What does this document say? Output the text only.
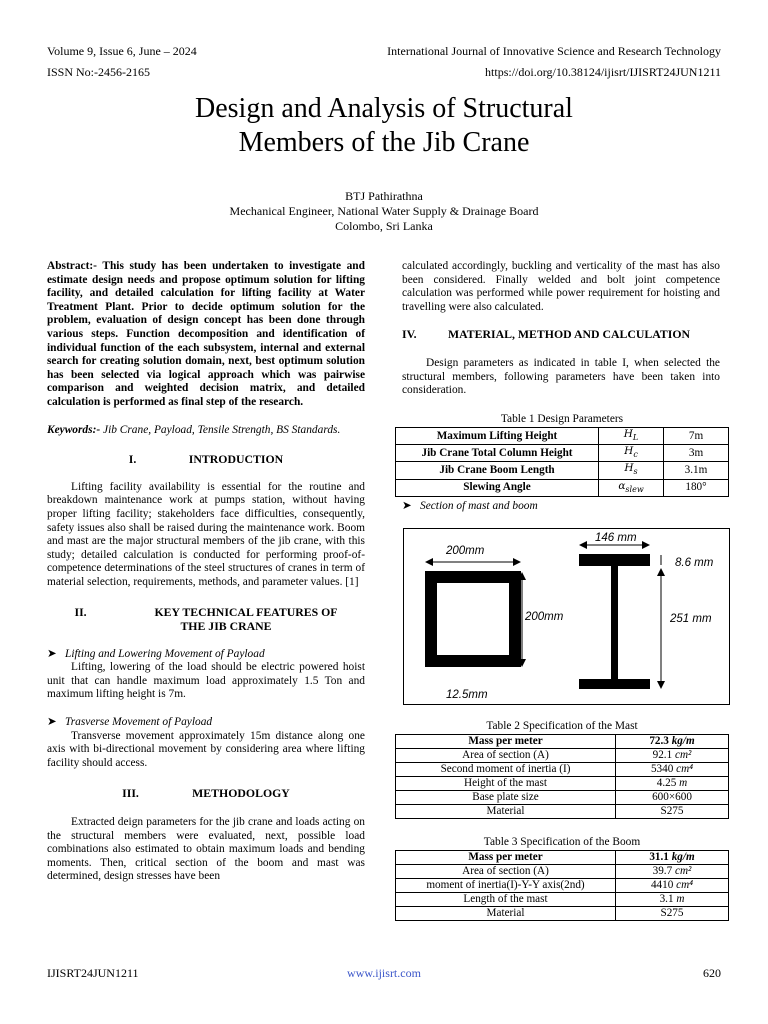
Volume 9, Issue 6, June – 2024	International Journal of Innovative Science and Research Technology
ISSN No:-2456-2165	https://doi.org/10.38124/ijisrt/IJISRT24JUN1211
Design and Analysis of Structural
Members of the Jib Crane
BTJ Pathirathna
Mechanical Engineer, National Water Supply & Drainage Board
Colombo, Sri Lanka

Abstract:- This study has been undertaken to investigate and estimate design needs and propose optimum solution for lifting facility, and detailed calculation for lifting facility at Water Treatment Plant. Prior to decide optimum solution for the problem, evaluation of design concept has been done through various steps. Function decomposition and identification of individual function of the each subsystem, internal and external search for creating solution domain, next, best optimum solution has been selected via logical approach which was pairwise comparison and weighted decision matrix, and detailed calculation is performed as final step of the research.

Keywords:- Jib Crane, Payload, Tensile Strength, BS Standards.

I.	INTRODUCTION

Lifting facility availability is essential for the routine and breakdown maintenance work at pumps station, without having proper lifting facility; stakeholders face difficulties, consequently, safety issues also shall be raised during the maintenance work. Boom and mast are the major structural members of the jib crane, with this study; detailed calculation is conducted for performing proof-of-competence determinations of the steel structures of cranes in term of material selection, requirements, methods, and parameter values. [1]

II.	KEY TECHNICAL FEATURES OF
THE JIB CRANE
➤ Lifting and Lowering Movement of Payload

Lifting, lowering of the load should be electric powered hoist unit that can handle maximum load approximately 1.5 Ton and maximum lifting height is 7m.

➤ Trasverse Movement of Payload

Transverse movement approximately 15m distance along one axis with bi-directional movement by considering area where lifting facility should access.

III.	METHODOLOGY

Extracted deign parameters for the jib crane and loads acting on the structural members were evaluated, next, possible load combinations also estimated to obtain maximum loads and bending moments. Then, critical section of the boom and mast was determined, design stresses have been

calculated accordingly, buckling and verticality of the mast has also been considered. Finally welded and bolt joint competence calculation was performed while power requirement for hoisting and travelling were also calculated.

IV.	MATERIAL, METHOD AND CALCULATION

Design parameters as indicated in table I, when selected the structural members, following parameters have been taken into consideration.

Table 1 Design Parameters
Maximum Lifting Height	$H_L$	7m
Jib Crane Total Column Height	$H_c$	3m
Jib Crane Boom Length	$H_s$	3.1m
Slewing Angle	$\alpha_{slew}$	180°
➤ Section of mast and boom
200mm
200mm
12.5mm
146 mm
8.6 mm
251 mm
Table 2 Specification of the Mast
Mass per meter	72.3 kg/m
Area of section (A)	92.1 cm²
Second moment of inertia (I)	5340 cm⁴
Height of the mast	4.25 m
Base plate size	600×600
Material	S275
Table 3 Specification of the Boom
Mass per meter	31.1 kg/m
Area of section (A)	39.7 cm²
moment of inertia(I)-Y-Y axis(2nd)	4410 cm⁴
Length of the mast	3.1 m
Material	S275
IJISRT24JUN1211	www.ijisrt.com	620
